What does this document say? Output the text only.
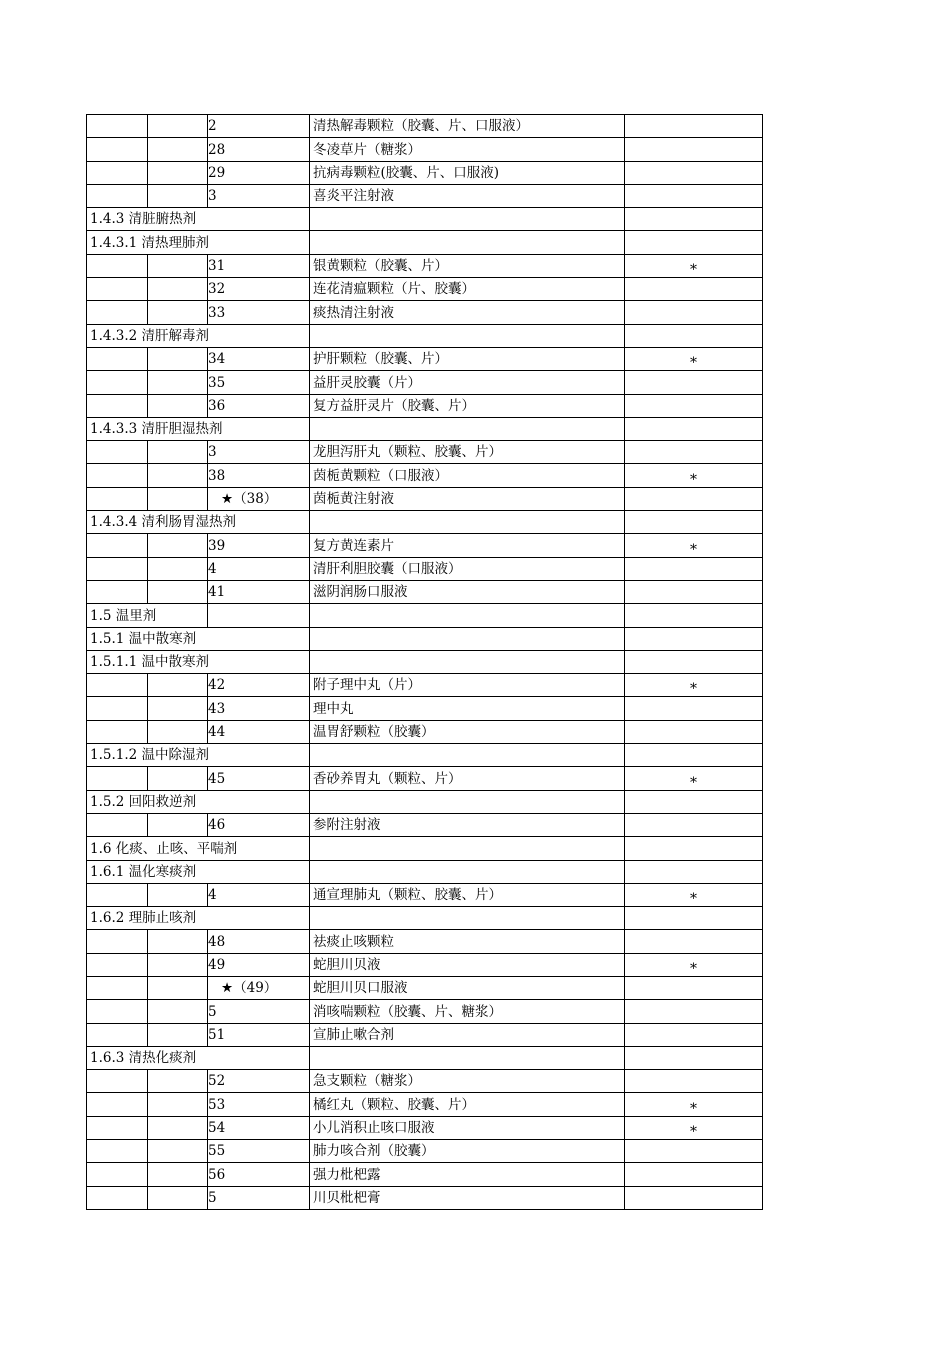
		2	清热解毒颗粒（胶囊、片、口服液）	
		28	冬凌草片（糖浆）	
		29	抗病毒颗粒(胶囊、片、口服液)	
		3	喜炎平注射液	
1.4.3 清脏腑热剂				
1.4.3.1 清热理肺剂				
		31	银黄颗粒（胶囊、片）	*
		32	连花清瘟颗粒（片、胶囊）	
		33	痰热清注射液	
1.4.3.2 清肝解毒剂				
		34	护肝颗粒（胶囊、片）	*
		35	益肝灵胶囊（片）	
		36	复方益肝灵片（胶囊、片）	
1.4.3.3 清肝胆湿热剂				
		3	龙胆泻肝丸（颗粒、胶囊、片）	
		38	茵栀黄颗粒（口服液）	*
		★（38）	茵栀黄注射液	
1.4.3.4 清利肠胃湿热剂				
		39	复方黄连素片	*
		4	清肝利胆胶囊（口服液）	
		41	滋阴润肠口服液	
1.5 温里剂				
1.5.1 温中散寒剂				
1.5.1.1 温中散寒剂				
		42	附子理中丸（片）	*
		43	理中丸	
		44	温胃舒颗粒（胶囊）	
1.5.1.2 温中除湿剂				
		45	香砂养胃丸（颗粒、片）	*
1.5.2 回阳救逆剂				
		46	参附注射液	
1.6 化痰、止咳、平喘剂				
1.6.1 温化寒痰剂				
		4	通宣理肺丸（颗粒、胶囊、片）	*
1.6.2 理肺止咳剂				
		48	祛痰止咳颗粒	
		49	蛇胆川贝液	*
		★（49）	蛇胆川贝口服液	
		5	消咳喘颗粒（胶囊、片、糖浆）	
		51	宣肺止嗽合剂	
1.6.3 清热化痰剂				
		52	急支颗粒（糖浆）	
		53	橘红丸（颗粒、胶囊、片）	*
		54	小儿消积止咳口服液	*
		55	肺力咳合剂（胶囊）	
		56	强力枇杷露	
		5	川贝枇杷膏	
